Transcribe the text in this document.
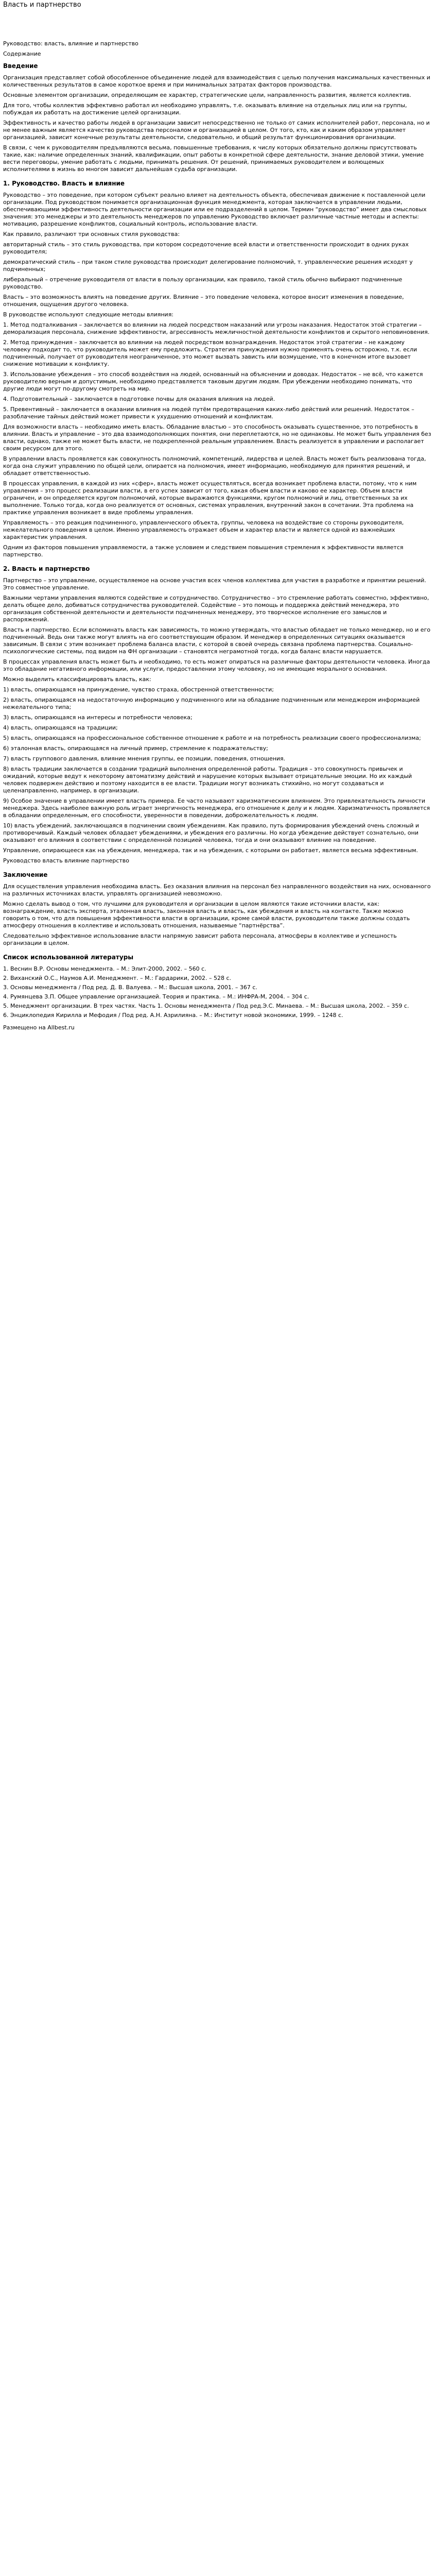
Власть и партнерство

Руководство: власть, влияние и партнерство

Содержание

Введение

Организация представляет собой обособленное объединение людей для взаимодействия с целью получения максимальных качественных и количественных результатов в самое короткое время и при минимальных затратах факторов производства.

Основные элементом организации, определяющим ее характер, стратегические цели, направленность развития, является коллектив.

Для того, чтобы коллектив эффективно работал ил необходимо управлять, т.е. оказывать влияние на отдельных лиц или на группы, побуждая их работать на достижение целей организации.

Эффективность и качество работы людей в организации зависит непосредственно не только от самих исполнителей работ, персонала, но и не менее важным является качество руководства персоналом и организацией в целом. От того, кто, как и каким образом управляет организацией, зависит конечные результаты деятельности, следовательно, и общий результат функционирования организации.

В связи, с чем к руководителям предъявляются весьма, повышенные требования, к числу которых обязательно должны присутствовать такие, как: наличие определенных знаний, квалификации, опыт работы в конкретной сфере деятельности, знание деловой этики, умение вести переговоры, умение работать с людьми, принимать решения. От решений, принимаемых руководителем и волющемых исполнителями в жизнь во многом зависит дальнейшая судьба организации.

1. Руководство. Власть и влияние

Руководство – это поведение, при котором субъект реально влияет на деятельность объекта, обеспечивая движение к поставленной цели организации. Под руководством понимается организационная функция менеджмента, которая заключается в управлении людьми, обеспечивающими эффективность деятельности организации или ее подразделений в целом. Термин “руководство” имеет два смысловых значения: это менеджеры и это деятельность менеджеров по управлению Руководство включает различные частные методы и аспекты: мотивацию, разрешение конфликтов, социальный контроль, использование власти.

Как правило, различают три основных стиля руководства:

авторитарный стиль – это стиль руководства, при котором сосредоточение всей власти и ответственности происходит в одних руках руководителя;

демократический стиль – при таком стиле руководства происходит делегирование полномочий, т. управленческие решения исходят у подчиненных;

либеральный – отречение руководителя от власти в пользу организации, как правило, такой стиль обычно выбирают подчиненные руководство.

Власть – это возможность влиять на поведение других. Влияние – это поведение человека, которое вносит изменения в поведение, отношения, ощущения другого человека.

В руководстве используют следующие методы влияния:

1. Метод подталкивания – заключается во влиянии на людей посредством наказаний или угрозы наказания. Недостаток этой стратегии – деморализация персонала, снижение эффективности, агрессивность межличностной деятельности конфликтов и скрытого неповиновения.

2. Метод принуждения – заключается во влиянии на людей посредством вознаграждения. Недостаток этой стратегии – не каждому человеку подходит то, что руководитель может ему предложить. Стратегия принуждения нужно применять очень осторожно, т.к. если подчиненный, получает от руководителя неограниченное, это может вызвать зависть или возмущение, что в конечном итоге вызовет снижение мотивации к конфликту.

3. Использование убеждения – это способ воздействия на людей, основанный на объяснении и доводах. Недостаток – не всё, что кажется руководителю верным и допустимым, необходимо представляется таковым другим людям. При убеждении необходимо понимать, что другие люди могут по-другому смотреть на мир.

4. Подготовительный – заключается в подготовке почвы для оказания влияния на людей.

5. Превентивный – заключается в оказании влияния на людей путём предотвращения каких-либо действий или решений. Недостаток – разоблачение тайных действий может привести к ухудшению отношений и конфликтам.

Для возможности власть – необходимо иметь власть. Обладание властью – это способность оказывать существенное, это потребность в влиянии. Власть и управление – это два взаимодополняющих понятия, они переплетаются, но не одинаковы. Не может быть управления без власти, однако, также не может быть власти, не подкрепленной реальным управлением. Власть реализуется в управлении и располагает своим ресурсом для этого.

В управлении власть проявляется как совокупность полномочий, компетенций, лидерства и целей. Власть может быть реализована тогда, когда она служит управлению по общей цели, опирается на полномочия, имеет информацию, необходимую для принятия решений, и обладает ответственностью.

В процессах управления, в каждой из них «сфер», власть может осуществляться, всегда возникает проблема власти, потому, что к ним управления – это процесс реализации власти, в его успех зависит от того, какая объем власти и каково ее характер. Объем власти ограничен, и он определяется кругом полномочий, которые выражаются функциями, кругом полномочий и лиц, ответственных за их выполнение. Только тогда, когда оно реализуется от основных, системах управления, внутренний закон в сочетании. Эта проблема на практике управления возникает в виде проблемы управления.

Управляемость – это реакция подчиненного, управленческого объекта, группы, человека на воздействие со стороны руководителя, нежелательного поведения в целом. Именно управляемость отражает объем и характер власти и является одной из важнейших характеристик управления.

Одним из факторов повышения управляемости, а также условием и следствием повышения стремления к эффективности является партнерство.

2. Власть и партнерство

Партнерство – это управление, осуществляемое на основе участия всех членов коллектива для участия в разработке и принятии решений. Это совместное управление.

Важными чертами управления являются содействие и сотрудничество. Сотрудничество – это стремление работать совместно, эффективно, делать общее дело, добиваться сотрудничества руководителей. Содействие – это помощь и поддержка действий менеджера, это организация собственной деятельности и деятельности подчиненных менеджеру, это творческое исполнение его замыслов и распоряжений.

Власть и партнерство. Если вспоминать власть как зависимость, то можно утверждать, что властью обладает не только менеджер, но и его подчиненный. Ведь они также могут влиять на его соответствующим образом. И менеджер в определенных ситуациях оказывается зависимым. В связи с этим возникает проблема баланса власти, с которой в своей очередь связана проблема партнерства. Социально-психологические системы, под видом на ФН организации – становятся неграмотной тогда, когда баланс власти нарушается.

В процессах управления власть может быть и необходимо, то есть может опираться на различные факторы деятельности человека. Иногда это обладание негативного информации, или услуги, предоставлении этому человеку, но не имеющие морального основания.

Можно выделить классифицировать власть, как:

1) власть, опирающаяся на принуждение, чувство страха, обостренной ответственности;

2) власть, опирающаяся на недостаточную информацию у подчиненного или на обладание подчиненным или менеджером информацией нежелательного типа;

3) власть, опирающаяся на интересы и потребности человека;

4) власть, опирающаяся на традиции;

5) власть, опирающаяся на профессиональное собственное отношение к работе и на потребность реализации своего профессионализма;

6) эталонная власть, опирающаяся на личный пример, стремление к подражательству;

7) власть группового давления, влияние мнения группы, ее позиции, поведения, отношения.

8) власть традиции заключается в создании традиций выполнения определенной работы. Традиция – это совокупность привычек и ожиданий, которые ведут к некоторому автоматизму действий и нарушение которых вызывает отрицательные эмоции. Но их каждый человек подвержен действию и поэтому находится в ее власти. Традиции могут возникать стихийно, но могут создаваться и целенаправленно, например, в организации.

9) Особое значение в управлении имеет власть примера. Ее часто называют харизматическим влиянием. Это привлекательность личности менеджера. Здесь наиболее важную роль играет энергичность менеджера, его отношение к делу и к людям. Харизматичность проявляется в обладании определенным, его способности, уверенности в поведении, доброжелательность к людям.

10) власть убеждений, заключающаяся в подчинении своим убеждениям. Как правило, путь формирования убеждений очень сложный и противоречивый. Каждый человек обладает убеждениями, и убеждения его различны. Но когда убеждение действует сознательно, они оказывают его влияния в соответствии с определенной позицией человека, тогда и они оказывают влияние на поведение.

Управление, опирающееся как на убеждения, менеджера, так и на убеждения, с которыми он работает, является весьма эффективным.

Руководство власть влияние партнерство

Заключение

Для осуществления управления необходима власть. Без оказания влияния на персонал без направленного воздействия на них, основанного на различных источниках власти, управлять организацией невозможно.

Можно сделать вывод о том, что лучшими для руководителя и организации в целом являются такие источники власти, как: вознаграждение, власть эксперта, эталонная власть, законная власть и власть, как убеждения и власть на контакте. Также можно говорить о том, что для повышения эффективности власти в организации, кроме самой власти, руководители также должны создать атмосферу отношения в коллективе и использовать отношения, называемые “партнёрства”.

Следовательно эффективное использование власти напрямую зависит работа персонала, атмосферы в коллективе и успешность организации в целом.

Список использованной литературы
1. Веснин В.Р. Основы менеджмента. – М.: Элит-2000, 2002. – 560 с.
2. Виханский О.С., Наумов А.И. Менеджмент. – М.: Гардарики, 2002. – 528 с.
3. Основы менеджмента / Под ред. Д. В. Валуева. – М.: Высшая школа, 2001. – 367 с.
4. Румянцева З.П. Общее управление организацией. Теория и практика. – М.: ИНФРА-М, 2004. – 304 с.
5. Менеджмент организации. В трех частях. Часть 1. Основы менеджмента / Под ред.Э.С. Минаева. – М.: Высшая школа, 2002. – 359 с.
6. Энциклопедия Кирилла и Мефодия / Под ред. А.Н. Азрилияна. – М.: Институт новой экономики, 1999. – 1248 с.

Размещено на Allbest.ru
